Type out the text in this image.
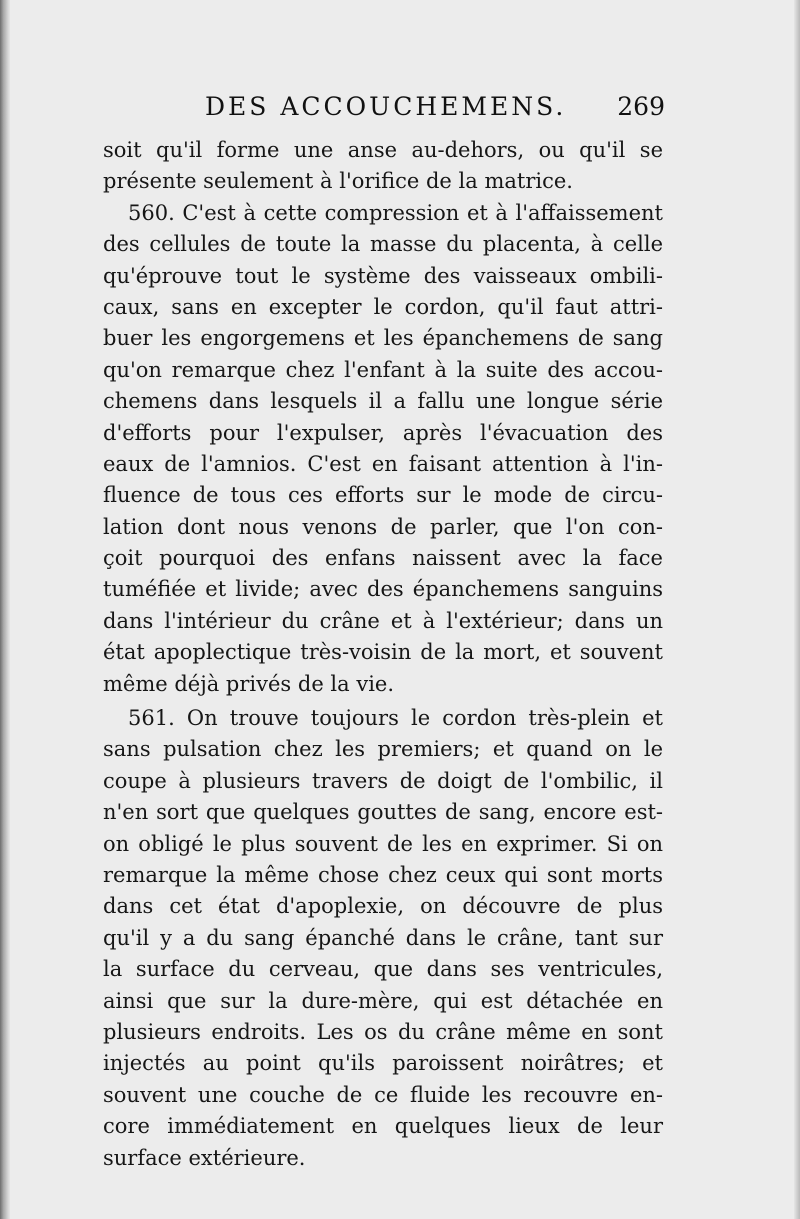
DES ACCOUCHEMENS. 269
soit qu'il forme une anse au-dehors, ou qu'il se
présente seulement à l'orifice de la matrice.
560. C'est à cette compression et à l'affaissement
des cellules de toute la masse du placenta, à celle
qu'éprouve tout le système des vaisseaux ombili-
caux, sans en excepter le cordon, qu'il faut attri-
buer les engorgemens et les épanchemens de sang
qu'on remarque chez l'enfant à la suite des accou-
chemens dans lesquels il a fallu une longue série
d'efforts pour l'expulser, après l'évacuation des
eaux de l'amnios. C'est en faisant attention à l'in-
fluence de tous ces efforts sur le mode de circu-
lation dont nous venons de parler, que l'on con-
çoit pourquoi des enfans naissent avec la face
tuméfiée et livide; avec des épanchemens sanguins
dans l'intérieur du crâne et à l'extérieur; dans un
état apoplectique très-voisin de la mort, et souvent
même déjà privés de la vie.
561. On trouve toujours le cordon très-plein et
sans pulsation chez les premiers; et quand on le
coupe à plusieurs travers de doigt de l'ombilic, il
n'en sort que quelques gouttes de sang, encore est-
on obligé le plus souvent de les en exprimer. Si on
remarque la même chose chez ceux qui sont morts
dans cet état d'apoplexie, on découvre de plus
qu'il y a du sang épanché dans le crâne, tant sur
la surface du cerveau, que dans ses ventricules,
ainsi que sur la dure-mère, qui est détachée en
plusieurs endroits. Les os du crâne même en sont
injectés au point qu'ils paroissent noirâtres; et
souvent une couche de ce fluide les recouvre en-
core immédiatement en quelques lieux de leur
surface extérieure.
